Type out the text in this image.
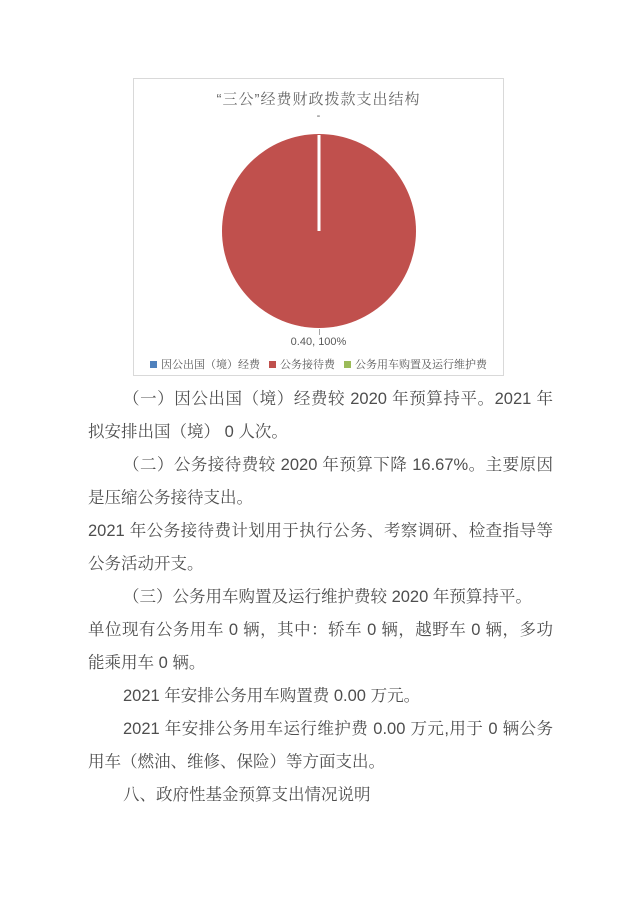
“三公”经费财政拨款支出结构
-
0.40, 100%
因公出国（境）经费 公务接待费 公务用车购置及运行维护费

（一）因公出国（境）经费较 2020 年预算持平。2021 年拟安排出国（境） 0 人次。

（二）公务接待费较 2020 年预算下降 16.67%。主要原因是压缩公务接待支出。

2021 年公务接待费计划用于执行公务、考察调研、检查指导等公务活动开支。

（三）公务用车购置及运行维护费较 2020 年预算持平。

单位现有公务用车 0 辆，其中：轿车 0 辆，越野车 0 辆，多功能乘用车 0 辆。

2021 年安排公务用车购置费 0.00 万元。

2021 年安排公务用车运行维护费 0.00 万元,用于 0 辆公务用车（燃油、维修、保险）等方面支出。

八、政府性基金预算支出情况说明
